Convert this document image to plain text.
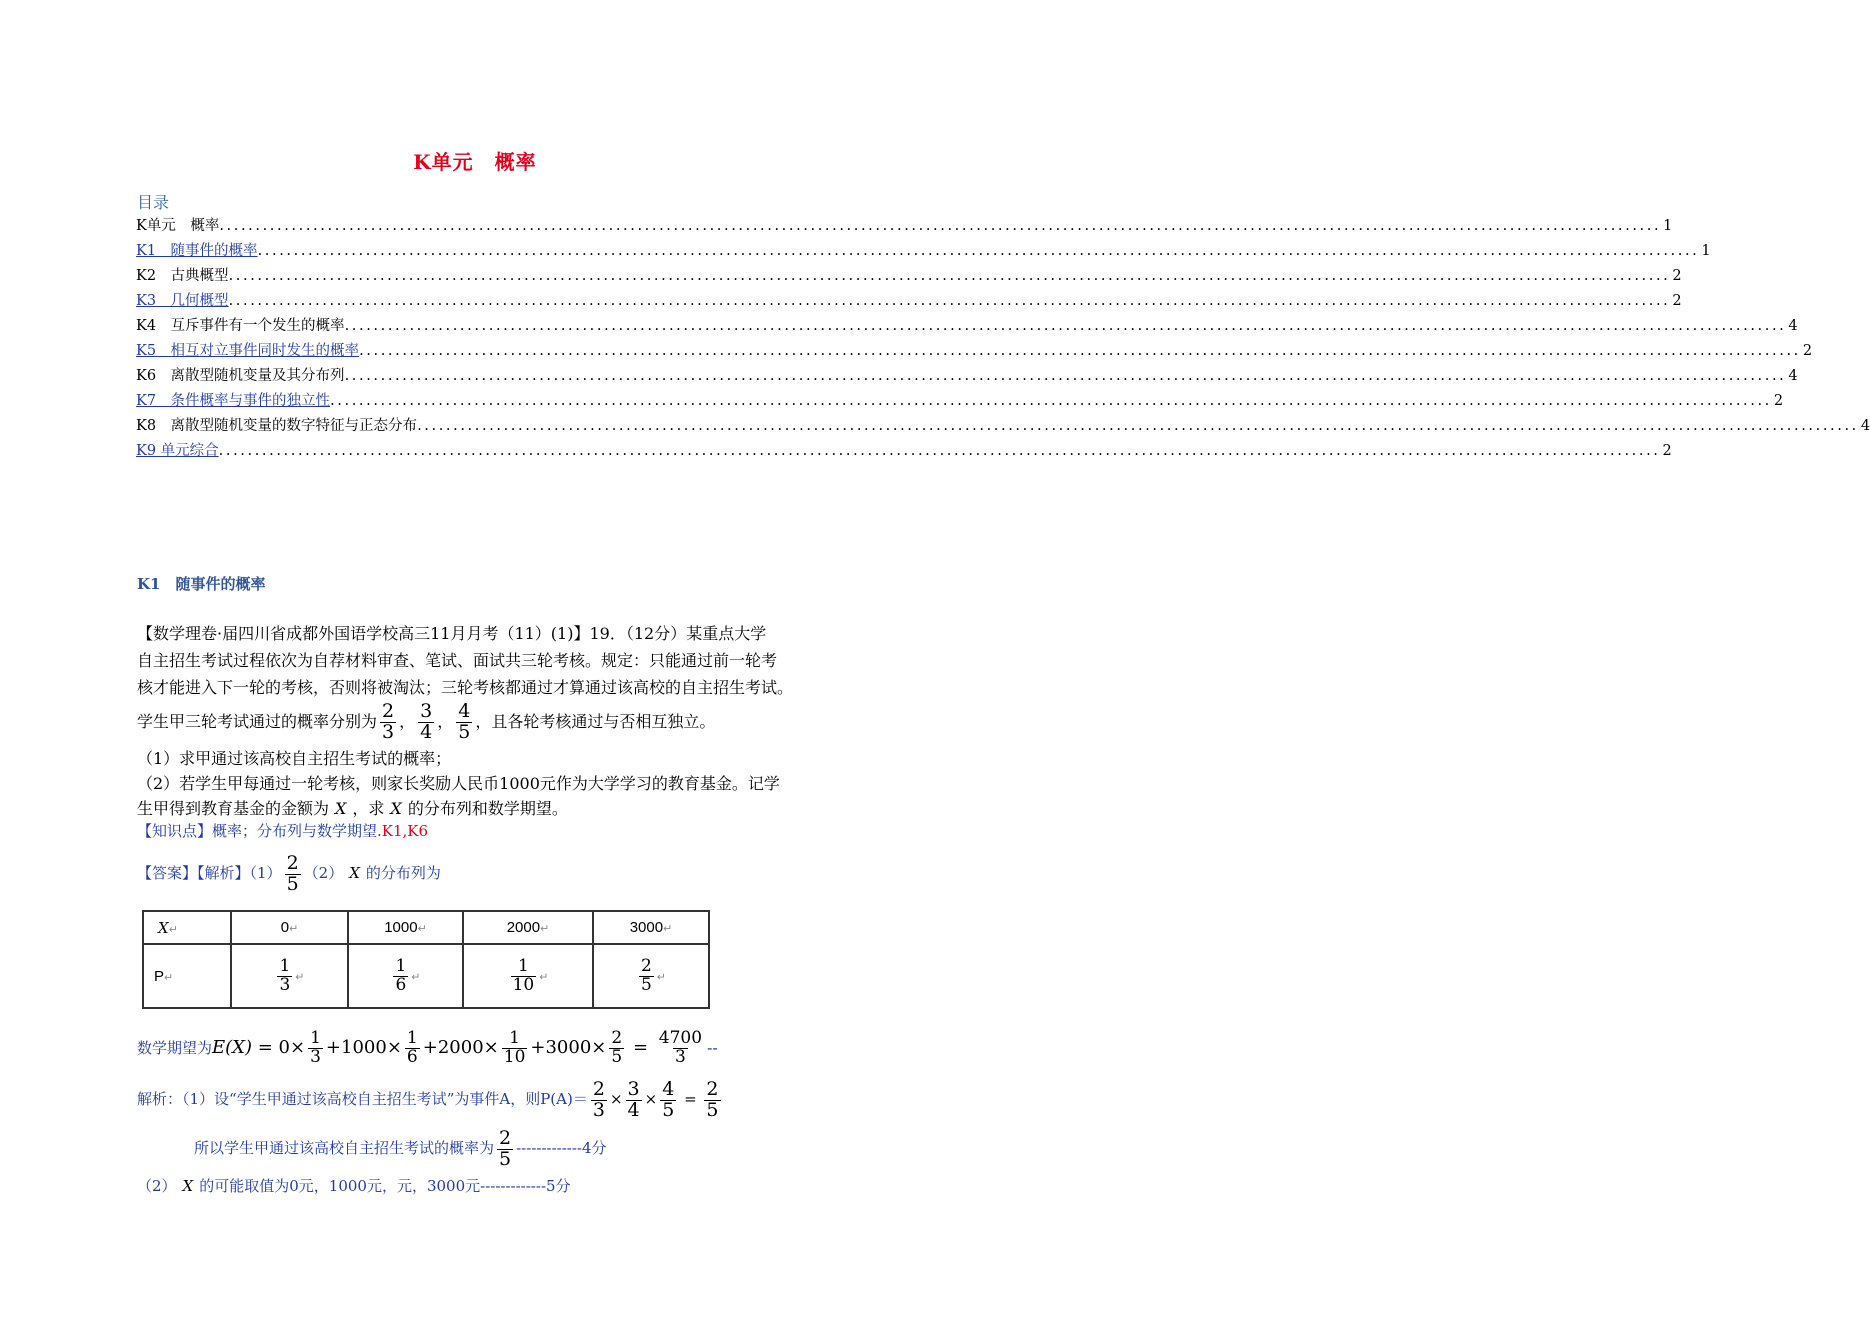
K单元　概率
目录
K单元　概率 ........................................................................................................................................................................................................ 1
K1　随事件的概率 ........................................................................................................................................................................................................ 1
K2　古典概型 ........................................................................................................................................................................................................ 2
K3　几何概型 ........................................................................................................................................................................................................ 2
K4　互斥事件有一个发生的概率 ........................................................................................................................................................................................................ 4
K5　相互对立事件同时发生的概率 ........................................................................................................................................................................................................ 2
K6　离散型随机变量及其分布列 ........................................................................................................................................................................................................ 4
K7　条件概率与事件的独立性 ........................................................................................................................................................................................................ 2
K8　离散型随机变量的数字特征与正态分布 ........................................................................................................................................................................................................ 4
K9 单元综合 ........................................................................................................................................................................................................ 2
K1　随事件的概率
【数学理卷·届四川省成都外国语学校高三11月月考（11）(1)】19．（12分）某重点大学
自主招生考试过程依次为自荐材料审查、笔试、面试共三轮考核。规定：只能通过前一轮考
核才能进入下一轮的考核，否则将被淘汰；三轮考核都通过才算通过该高校的自主招生考试。
学生甲三轮考试通过的概率分别为 $\frac{2}{3}$ ， $\frac{3}{4}$ ， $\frac{4}{5}$ ，且各轮考核通过与否相互独立。
（1）求甲通过该高校自主招生考试的概率；
（2）若学生甲每通过一轮考核，则家长奖励人民币1000元作为大学学习的教育基金。记学
生甲得到教育基金的金额为 X ，求 X 的分布列和数学期望。
【知识点】概率；分布列与数学期望.K1,K6
【答案】【解析】$(1) \frac{2}{5} (2)$ X 的分布列为
X↵	0↵	1000↵	2000↵	3000↵
P↵	$\frac{1}{3}$ ↵	$\frac{1}{6}$ ↵	$\frac{1}{10}$ ↵	$\frac{2}{5}$ ↵
数学期望为$E(X) = 0\times \frac{1}{3} +1000\times \frac{1}{6} +2000\times \frac{1}{10} +3000\times \frac{2}{5} = \frac{4700}{3}$ --
解析：（1）设“学生甲通过该高校自主招生考试”为事件A，则$P(A)= \frac{2}{3} \times \frac{3}{4} \times \frac{4}{5} = \frac{2}{5}$
所以学生甲通过该高校自主招生考试的概率为 $\frac{2}{5} -------------4$分
（2） X 的可能取值为0元，1000元，元，3000元-------------5分
